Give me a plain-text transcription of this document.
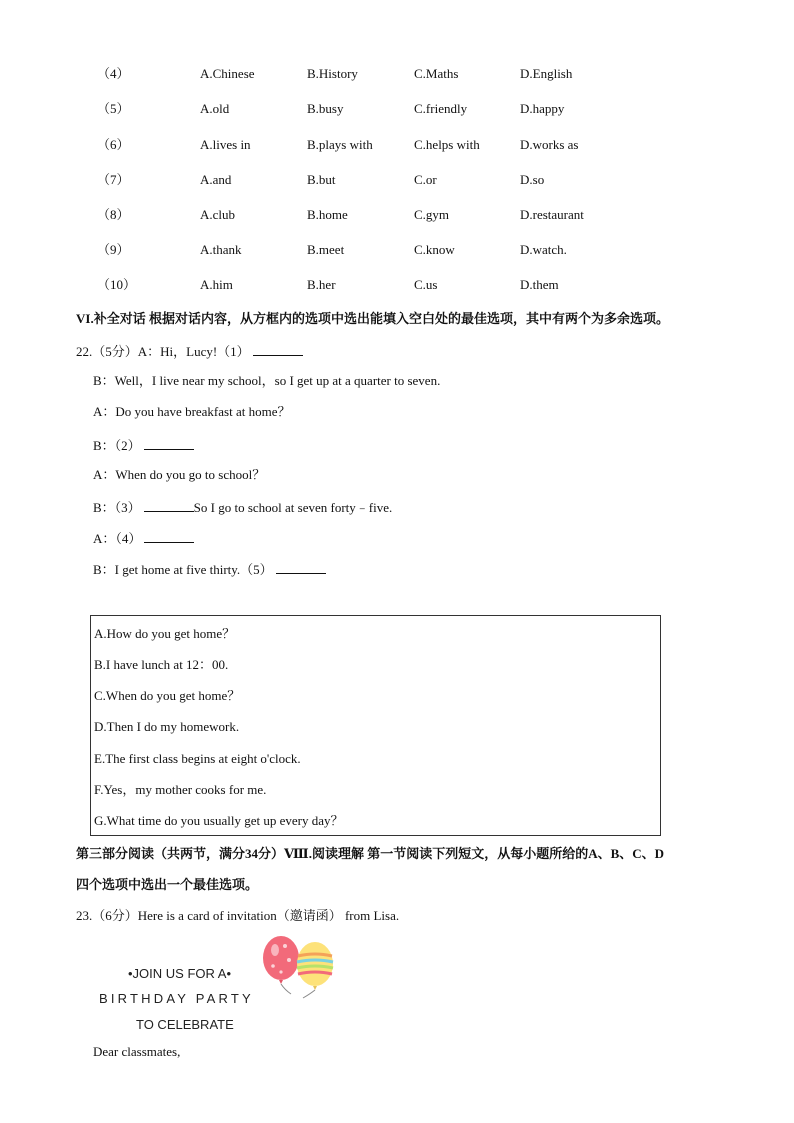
（4）	A.Chinese	B.History	C.Maths	D.English
（5）	A.old	B.busy	C.friendly	D.happy
（6）	A.lives in	B.plays with	C.helps with	D.works as
（7）	A.and	B.but	C.or	D.so
（8）	A.club	B.home	C.gym	D.restaurant
（9）	A.thank	B.meet	C.know	D.watch.
（10）	A.him	B.her	C.us	D.them
VI.补全对话 根据对话内容，从方框内的选项中选出能填入空白处的最佳选项，其中有两个为多余选项。
22.（5分）A：Hi，Lucy!（1）
B：Well，I live near my school，so I get up at a quarter to seven.
A：Do you have breakfast at home？
B：（2）
A：When do you go to school？
B：（3）	So I go to school at seven forty﹣five.
A：（4）
B：I get home at five thirty.（5）
A.How do you get home？
B.I have lunch at 12：00.
C.When do you get home？
D.Then I do my homework.
E.The first class begins at eight o'clock.
F.Yes，my mother cooks for me.
G.What time do you usually get up every day？
第三部分阅读（共两节，满分34分）Ⅷ.阅读理解 第一节阅读下列短文，从每小题所给的A、B、C、D
四个选项中选出一个最佳选项。
23.（6分）Here is a card of invitation（邀请函） from Lisa.
•JOIN US FOR A•
BIRTHDAY PARTY
TO CELEBRATE
Dear classmates,
